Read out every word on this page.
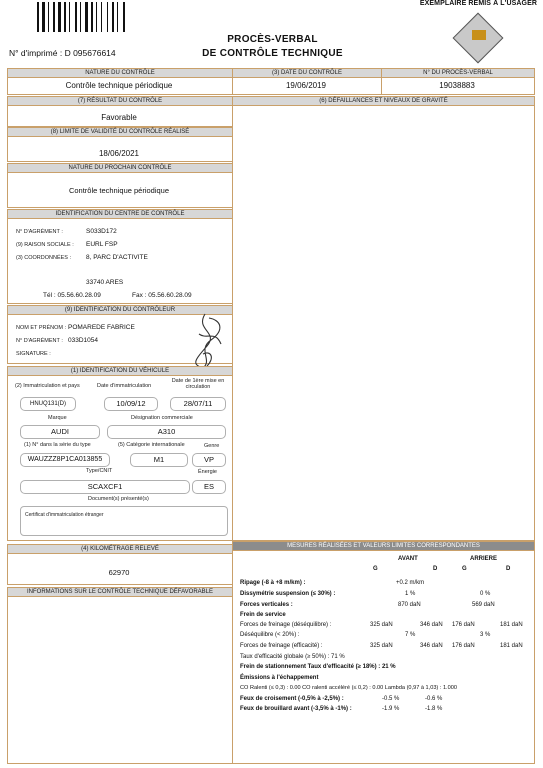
EXEMPLAIRE REMIS À L'USAGER
PROCÈS-VERBAL
DE CONTRÔLE TECHNIQUE
N° d'imprimé : D 095676614
NATURE DU CONTRÔLE
Contrôle technique périodique
(3) DATE DU CONTRÔLE
19/06/2019
N° DU PROCÈS-VERBAL
19038883
(7) RÉSULTAT DU CONTRÔLE
Favorable
(6) DÉFAILLANCES ET NIVEAUX DE GRAVITÉ
(8) LIMITE DE VALIDITÉ DU CONTRÔLE RÉALISÉ
18/06/2021
NATURE DU PROCHAIN CONTRÔLE
Contrôle technique périodique
IDENTIFICATION DU CENTRE DE CONTRÔLE
N° D'AGRÉMENT :	S033D172
(9) RAISON SOCIALE : EURL FSP
(3) COORDONNÉES : 8, PARC D'ACTIVITE
33740 ARES
Tél : 05.56.60.28.09	Fax : 05.56.60.28.09
(9) IDENTIFICATION DU CONTRÔLEUR
NOM ET PRÉNOM : POMAREDE FABRICE
N° D'AGRÉMENT : 033D1054
SIGNATURE :
(1) IDENTIFICATION DU VÉHICULE
(2) Immatriculation et pays	Date d'immatriculation
Date de 1ère mise en circulation
HNUQ131(D)	10/09/12	28/07/11
Marque	Désignation commerciale
AUDI	A310
(1) N° dans la série du type	(5) Catégorie internationale	Genre
WAUZZZ8P1CA013855	M1	VP
Type/CNIT	Énergie
SCAXCF1	ES
Document(s) présenté(s)
Certificat d'immatriculation étranger
(4) KILOMÉTRAGE RELEVÉ
62970
INFORMATIONS SUR LE CONTRÔLE TECHNIQUE DÉFAVORABLE
MESURES RÉALISÉES ET VALEURS LIMITES CORRESPONDANTES
AVANT	ARRIERE
G	D	G	D
Ripage (-8 à +8 m/km) :	+0.2 m/km
Dissymétrie suspension (≤ 30%) :	1 %	0 %
Forces verticales :	870 daN	569 daN
Frein de service
Forces de freinage (déséquilibre) :	325 daN	346 daN 176 daN	181 daN
Déséquilibre (< 20%) :	7 %	3 %
Forces de freinage (efficacité) :	325 daN	346 daN 176 daN	181 daN
Taux d'efficacité globale (≥ 50%) : 71 %
Frein de stationnement Taux d'efficacité (≥ 18%) : 21 %
Émissions à l'échappement
CO Ralenti (≤ 0,3) : 0.00 CO ralenti accéléré (≤ 0,2) : 0.00 Lambda (0,97 à 1,03) : 1.000
Feux de croisement (-0,5% à -2,5%) :	-0.5 %	-0.6 %
Feux de brouillard avant (-3,5% à -1%) :	-1.9 %	-1.8 %
